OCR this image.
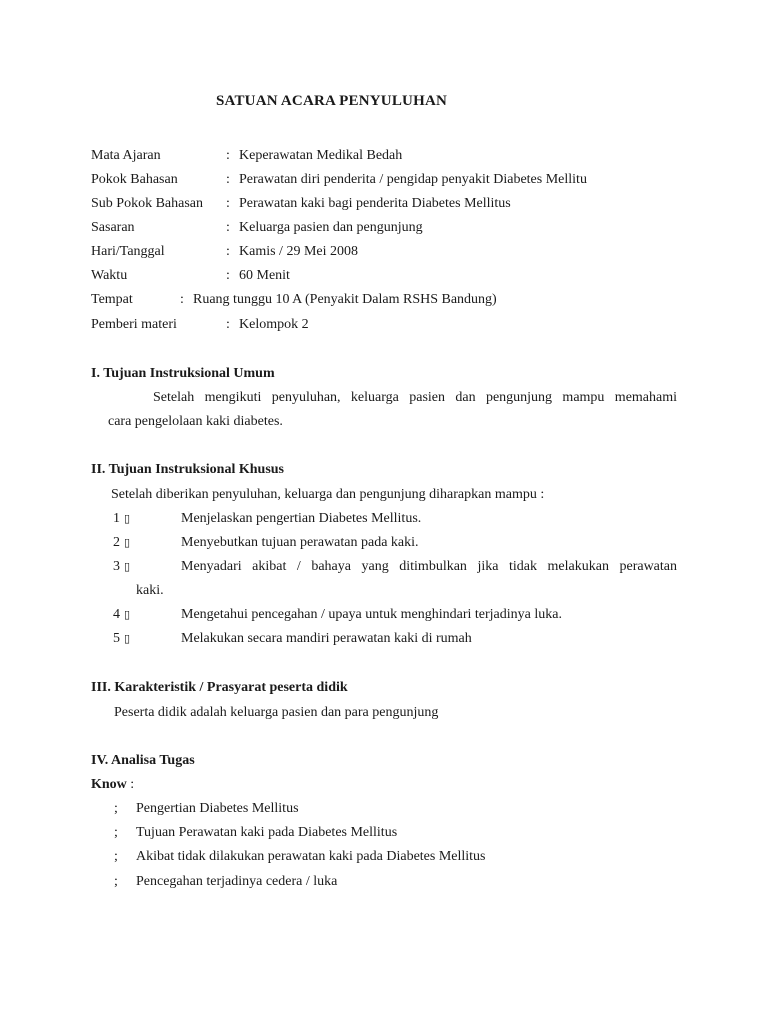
SATUAN ACARA PENYULUHAN
Mata Ajaran	: Keperawatan Medikal Bedah
Pokok Bahasan	: Perawatan diri penderita / pengidap penyakit Diabetes Mellitu
Sub Pokok Bahasan : Perawatan kaki bagi penderita Diabetes Mellitus
Sasaran	: Keluarga pasien dan pengunjung
Hari/Tanggal	: Kamis / 29 Mei 2008
Waktu	: 60 Menit
Tempat	: Ruang tunggu 10 A (Penyakit Dalam RSHS Bandung)
Pemberi materi	: Kelompok 2
I. Tujuan Instruksional Umum
Setelah mengikuti penyuluhan, keluarga pasien dan pengunjung mampu memahami
cara pengelolaan kaki diabetes.
II. Tujuan Instruksional Khusus
Setelah diberikan penyuluhan, keluarga dan pengunjung diharapkan mampu :
1 ▯	Menjelaskan pengertian Diabetes Mellitus.
2 ▯	Menyebutkan tujuan perawatan pada kaki.
3 ▯	Menyadari akibat / bahaya yang ditimbulkan jika tidak melakukan perawatan
kaki.
4 ▯	Mengetahui pencegahan / upaya untuk menghindari terjadinya luka.
5 ▯	Melakukan secara mandiri perawatan kaki di rumah
III. Karakteristik / Prasyarat peserta didik
Peserta didik adalah keluarga pasien dan para pengunjung
IV. Analisa Tugas
Know :
; Pengertian Diabetes Mellitus
; Tujuan Perawatan kaki pada Diabetes Mellitus
; Akibat tidak dilakukan perawatan kaki pada Diabetes Mellitus
; Pencegahan terjadinya cedera / luka
